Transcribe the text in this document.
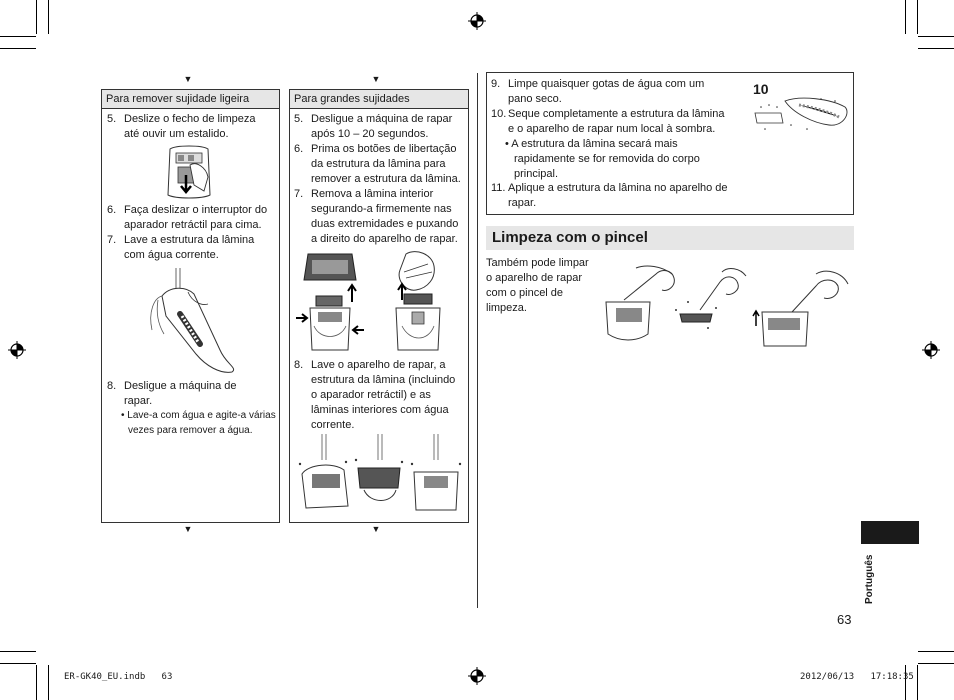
▼	▼
▼	▼
Para remover sujidade ligeira
5. Deslize o fecho de limpeza
até ouvir um estalido.
6. Faça deslizar o interruptor do
aparador retráctil para cima.
7. Lave a estrutura da lâmina
com água corrente.
8. Desligue a máquina de
rapar.
• Lave-a com água e agite-a várias
vezes para remover a água.
Para grandes sujidades
5. Desligue a máquina de rapar
após 10 – 20 segundos.
6. Prima os botões de libertação
da estrutura da lâmina para
remover a estrutura da lâmina.
7. Remova a lâmina interior
segurando-a firmemente nas
duas extremidades e puxando
a direito do aparelho de rapar.
8. Lave o aparelho de rapar, a
estrutura da lâmina (incluindo
o aparador retráctil) e as
lâminas interiores com água
corrente.
9. Limpe quaisquer gotas de água com um
pano seco.
10. Seque completamente a estrutura da lâmina
e o aparelho de rapar num local à sombra.
• A estrutura da lâmina secará mais
rapidamente se for removida do corpo
principal.
11. Aplique a estrutura da lâmina no aparelho de
rapar.
10
Limpeza com o pincel
Também pode limpar
o aparelho de rapar
com o pincel de
limpeza.
Português
63
ER-GK40_EU.indb 63	2012/06/13 17:18:35
